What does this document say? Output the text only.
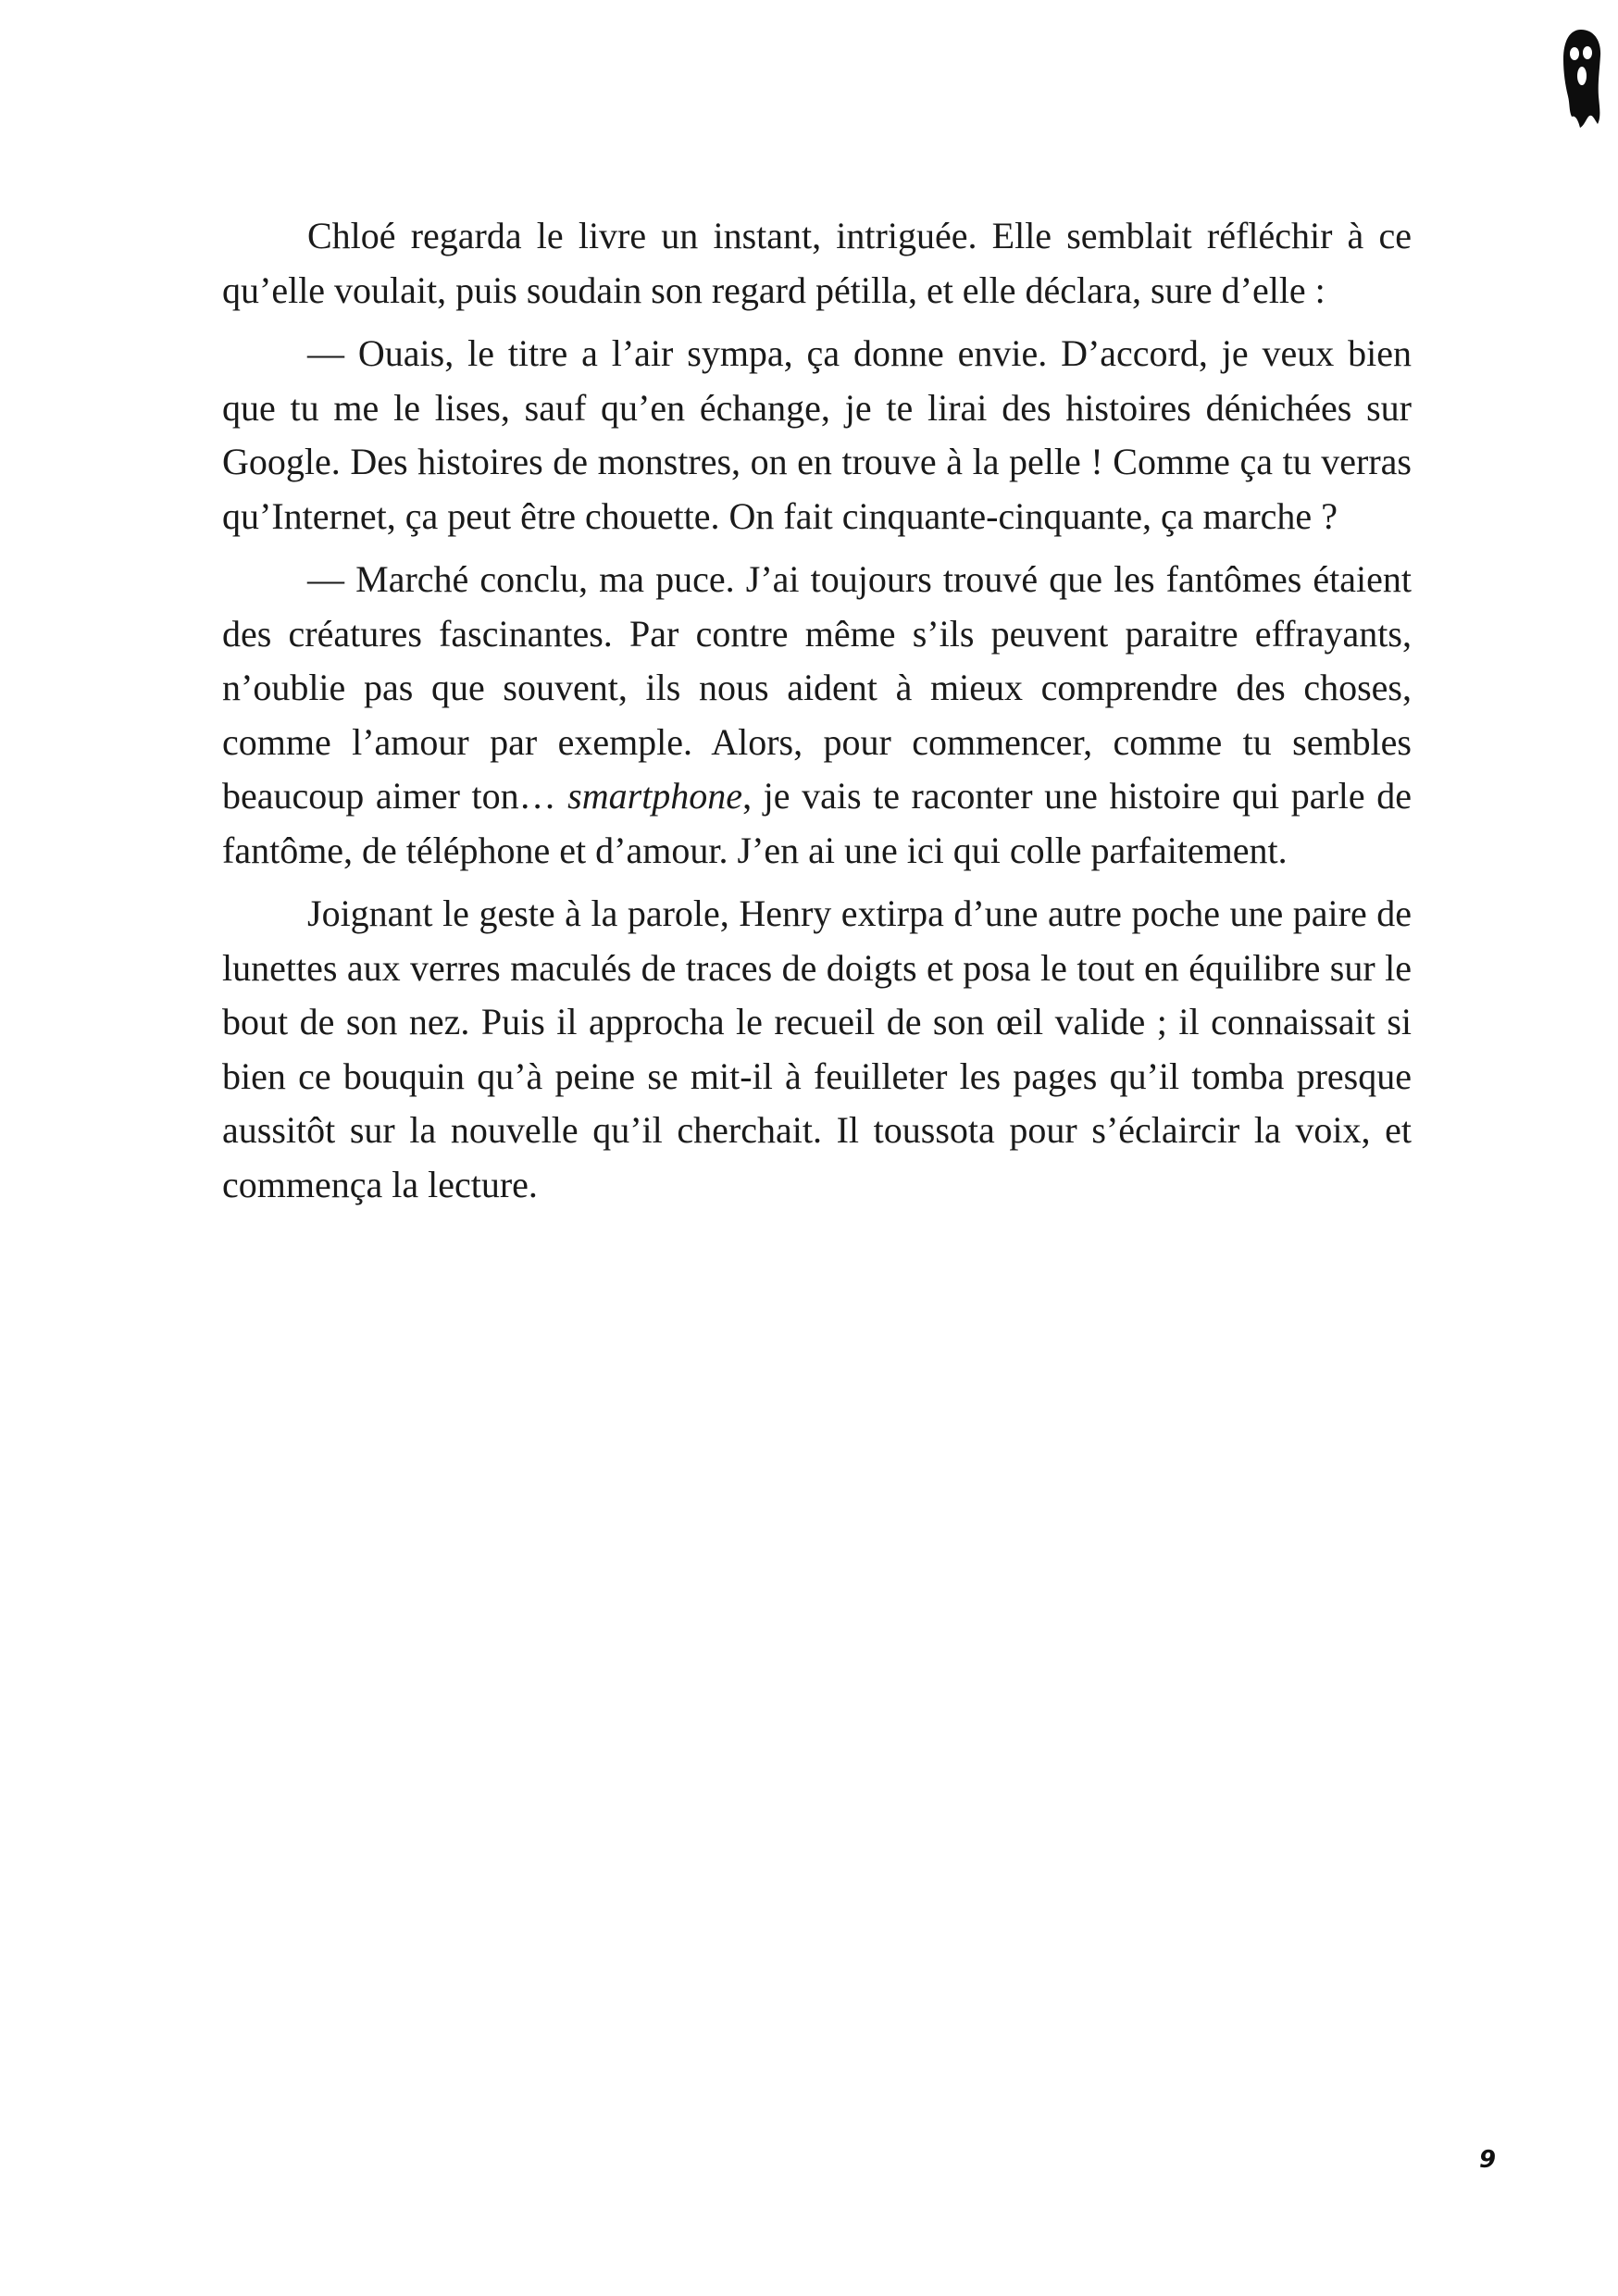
Chloé regarda le livre un instant, intriguée. Elle semblait réfléchir à ce qu’elle voulait, puis soudain son regard pétilla, et elle déclara, sure d’elle :

— Ouais, le titre a l’air sympa, ça donne envie. D’accord, je veux bien que tu me le lises, sauf qu’en échange, je te lirai des histoires dénichées sur Google. Des histoires de monstres, on en trouve à la pelle ! Comme ça tu verras qu’Internet, ça peut être chouette. On fait cinquante-cinquante, ça marche ?

— Marché conclu, ma puce. J’ai toujours trouvé que les fantômes étaient des créatures fascinantes. Par contre même s’ils peuvent paraitre effrayants, n’oublie pas que souvent, ils nous aident à mieux comprendre des choses, comme l’amour par exemple. Alors, pour commencer, comme tu sembles beaucoup aimer ton… smartphone, je vais te raconter une histoire qui parle de fantôme, de téléphone et d’amour. J’en ai une ici qui colle parfaitement.

Joignant le geste à la parole, Henry extirpa d’une autre poche une paire de lunettes aux verres maculés de traces de doigts et posa le tout en équilibre sur le bout de son nez. Puis il approcha le recueil de son œil valide ; il connaissait si bien ce bouquin qu’à peine se mit-il à feuilleter les pages qu’il tomba presque aussitôt sur la nouvelle qu’il cherchait. Il toussota pour s’éclaircir la voix, et commença la lecture.

9
